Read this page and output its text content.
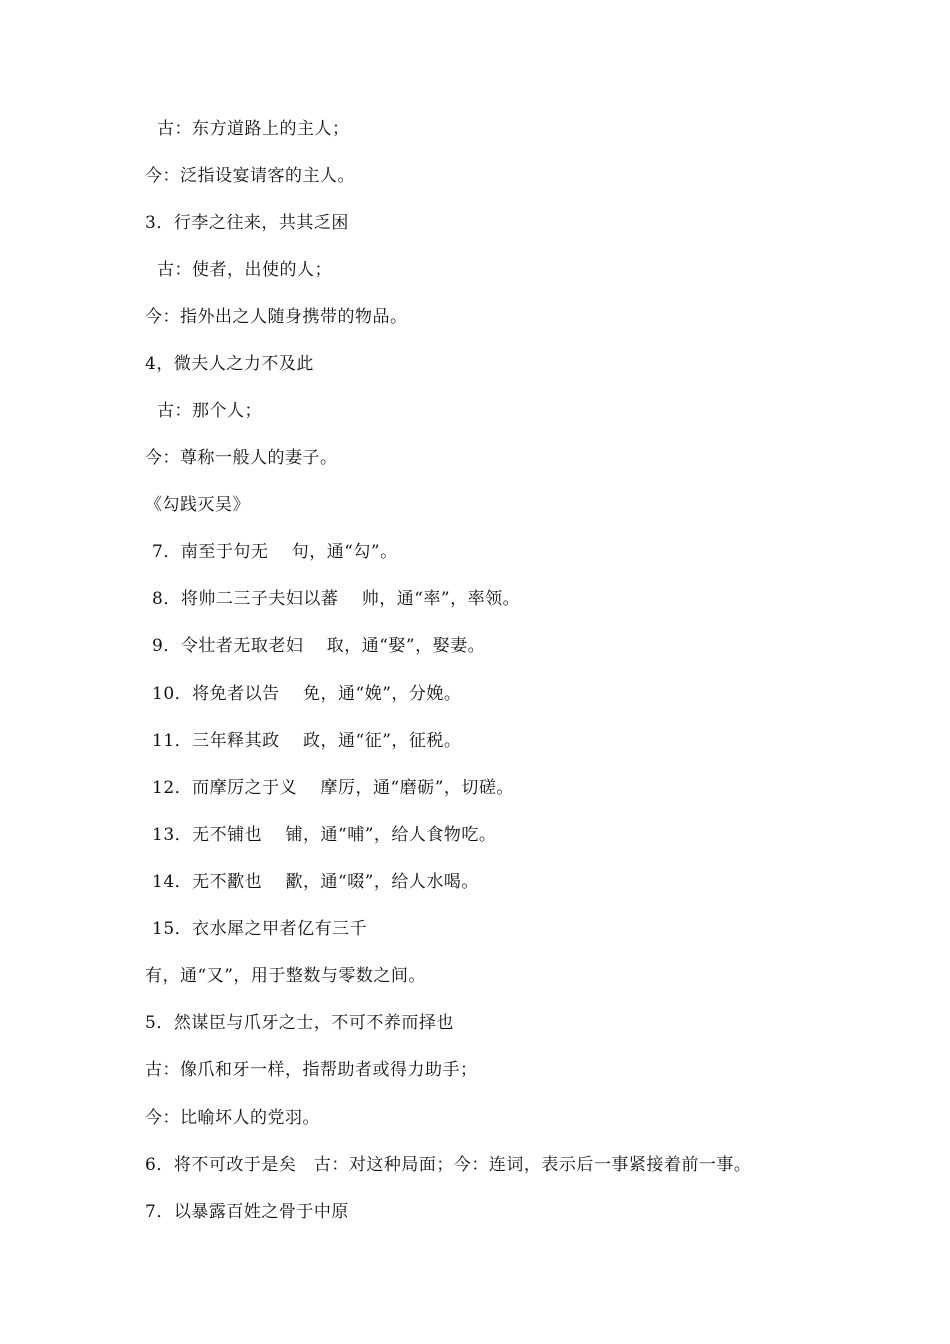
古：东方道路上的主人；
今：泛指设宴请客的主人。
3．行李之往来，共其乏困
古：使者，出使的人；
今：指外出之人随身携带的物品。
4，微夫人之力不及此
古：那个人；
今：尊称一般人的妻子。
《勾践灭吴》
7．南至于句无　 句，通“勾”。
8．将帅二三子夫妇以蕃　 帅，通“率”，率领。
9．令壮者无取老妇　 取，通“娶”，娶妻。
10．将免者以告　 免，通“娩”，分娩。
11．三年释其政　 政，通“征”，征税。
12．而摩厉之于义　 摩厉，通“磨砺”，切磋。
13．无不铺也　 铺，通“哺”，给人食物吃。
14．无不歠也　 歠，通“啜”，给人水喝。
15．衣水犀之甲者亿有三千
有，通“又”，用于整数与零数之间。
5．然谋臣与爪牙之士，不可不养而择也
古：像爪和牙一样，指帮助者或得力助手；
今：比喻坏人的党羽。
6．将不可改于是矣　古：对这种局面；今：连词，表示后一事紧接着前一事。
7．以暴露百姓之骨于中原
